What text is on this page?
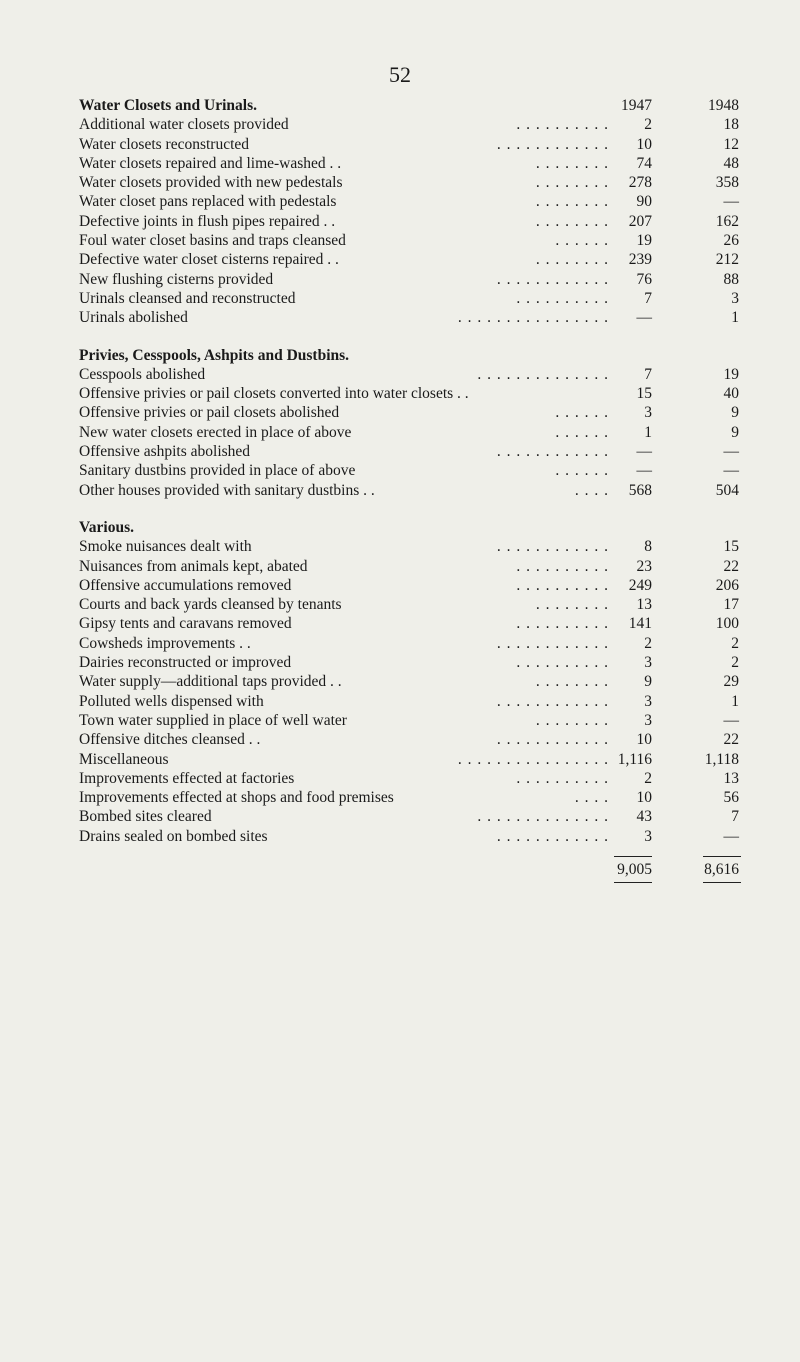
52
Water Closets and Urinals.	1947	1948
. . . . . . . . . .
Additional water closets provided	2	18
. . . . . . . . . . . .
Water closets reconstructed	10	12
. . . . . . . .
Water closets repaired and lime-washed . .	74	48
. . . . . . . .
Water closets provided with new pedestals	278	358
. . . . . . . .
Water closet pans replaced with pedestals	90	—
. . . . . . . .
Defective joints in flush pipes repaired . .	207	162
. . . . . .
Foul water closet basins and traps cleansed	19	26
. . . . . . . .
Defective water closet cisterns repaired . .	239	212
. . . . . . . . . . . .
New flushing cisterns provided	76	88
. . . . . . . . . .
Urinals cleansed and reconstructed	7	3
. . . . . . . . . . . . . . . .
Urinals abolished	—	1
Privies, Cesspools, Ashpits and Dustbins.
. . . . . . . . . . . . . .
Cesspools abolished	7	19
Offensive privies or pail closets converted into water closets . .	15	40
. . . . . .
Offensive privies or pail closets abolished	3	9
. . . . . .
New water closets erected in place of above	1	9
. . . . . . . . . . . .
Offensive ashpits abolished	—	—
. . . . . .
Sanitary dustbins provided in place of above	—	—
. . . .
Other houses provided with sanitary dustbins . .	568	504
Various.
. . . . . . . . . . . .
Smoke nuisances dealt with	8	15
. . . . . . . . . .
Nuisances from animals kept, abated	23	22
. . . . . . . . . .
Offensive accumulations removed	249	206
. . . . . . . .
Courts and back yards cleansed by tenants	13	17
. . . . . . . . . .
Gipsy tents and caravans removed	141	100
. . . . . . . . . . . .
Cowsheds improvements . .	2	2
. . . . . . . . . .
Dairies reconstructed or improved	3	2
. . . . . . . .
Water supply—additional taps provided . .	9	29
. . . . . . . . . . . .
Polluted wells dispensed with	3	1
. . . . . . . .
Town water supplied in place of well water	3	—
. . . . . . . . . . . .
Offensive ditches cleansed . .	10	22
. . . . . . . . . . . . . . . .
Miscellaneous	1,116	1,118
. . . . . . . . . .
Improvements effected at factories	2	13
. . . .
Improvements effected at shops and food premises	10	56
. . . . . . . . . . . . . .
Bombed sites cleared	43	7
. . . . . . . . . . . .
Drains sealed on bombed sites	3	—
9,005	8,616
